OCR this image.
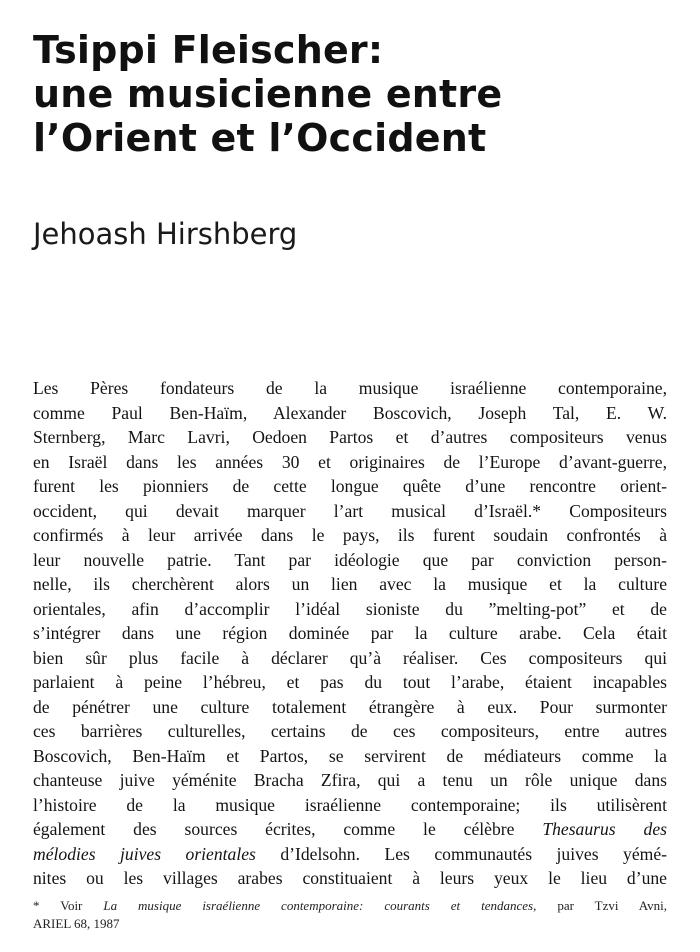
Tsippi Fleischer:
une musicienne entre
l’Orient et l’Occident
Jehoash Hirshberg
Les Pères fondateurs de la musique israélienne contemporaine,
comme Paul Ben-Haïm, Alexander Boscovich, Joseph Tal, E. W.
Sternberg, Marc Lavri, Oedoen Partos et d’autres compositeurs venus
en Israël dans les années 30 et originaires de l’Europe d’avant-guerre,
furent les pionniers de cette longue quête d’une rencontre orient-
occident, qui devait marquer l’art musical d’Israël.* Compositeurs
confirmés à leur arrivée dans le pays, ils furent soudain confrontés à
leur nouvelle patrie. Tant par idéologie que par conviction person-
nelle, ils cherchèrent alors un lien avec la musique et la culture
orientales, afin d’accomplir l’idéal sioniste du ”melting-pot” et de
s’intégrer dans une région dominée par la culture arabe. Cela était
bien sûr plus facile à déclarer qu’à réaliser. Ces compositeurs qui
parlaient à peine l’hébreu, et pas du tout l’arabe, étaient incapables
de pénétrer une culture totalement étrangère à eux. Pour surmonter
ces barrières culturelles, certains de ces compositeurs, entre autres
Boscovich, Ben-Haïm et Partos, se servirent de médiateurs comme la
chanteuse juive yéménite Bracha Zfira, qui a tenu un rôle unique dans
l’histoire de la musique israélienne contemporaine; ils utilisèrent
également des sources écrites, comme le célèbre Thesaurus des
mélodies juives orientales d’Idelsohn. Les communautés juives yémé-
nites ou les villages arabes constituaient à leurs yeux le lieu d’une
* Voir La musique israélienne contemporaine: courants et tendances, par Tzvi Avni,
ARIEL 68, 1987
